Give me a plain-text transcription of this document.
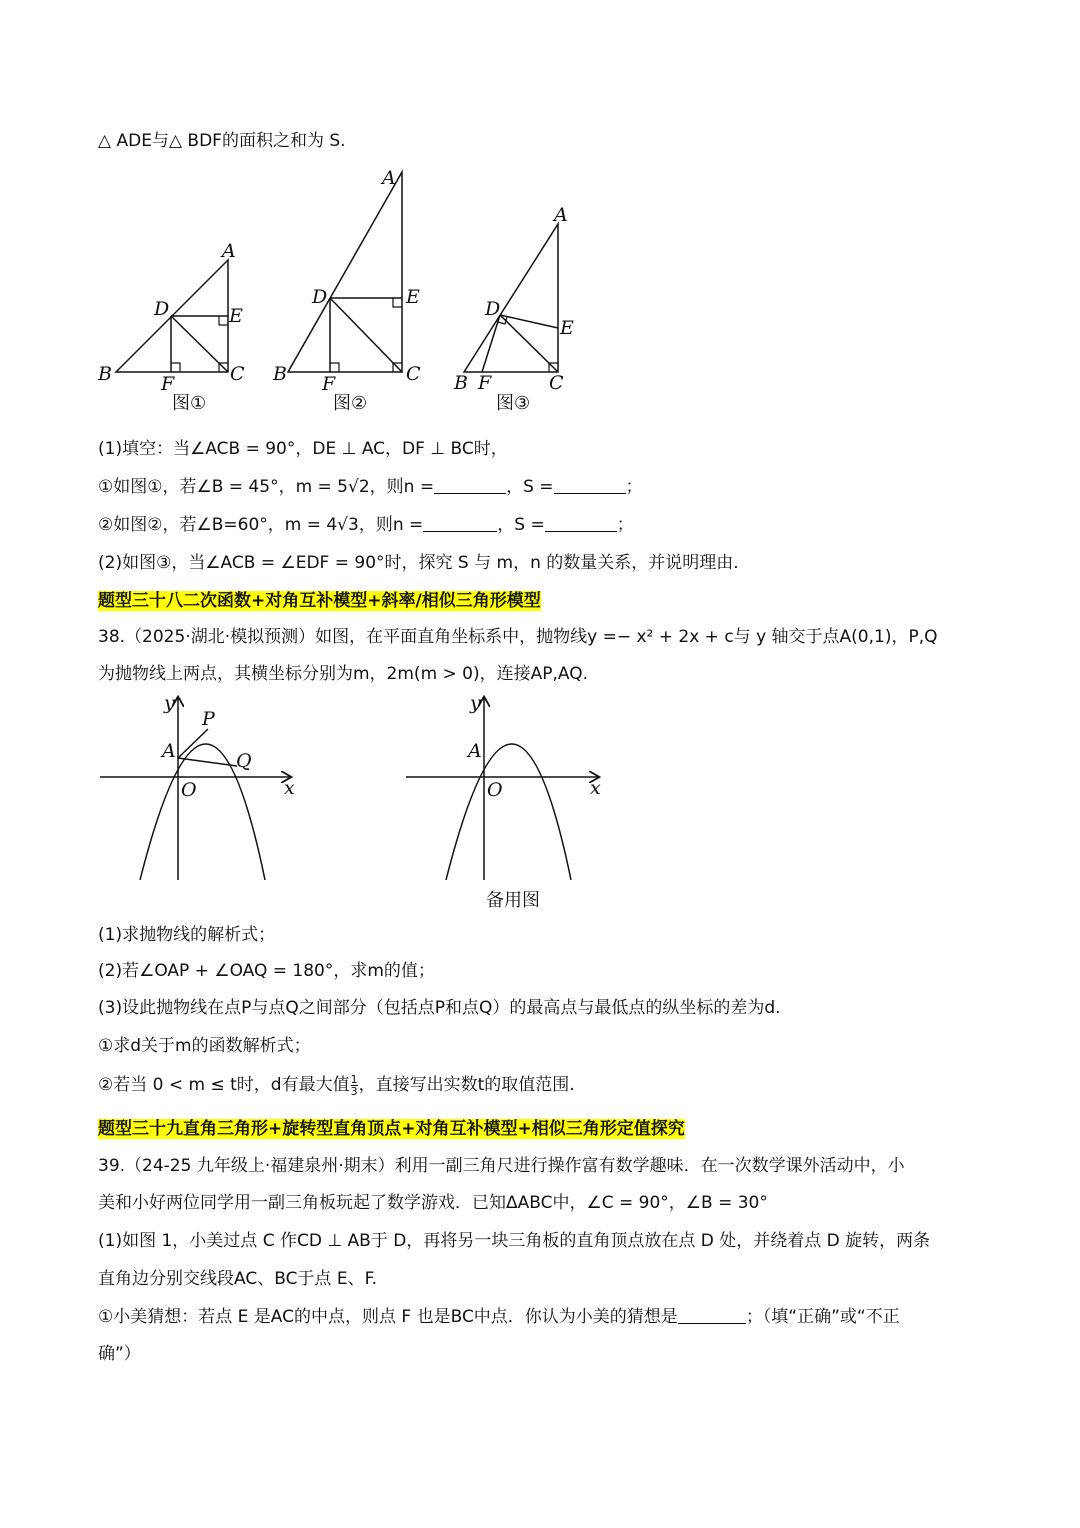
△ ADE与△ BDF的面积之和为 S.
A
D	E
B	C
F
图①
A
D	E
B	C
F
图②
A
D
E
B F	C
图③
(1)填空：当∠ACB = 90°，DE ⊥ AC，DF ⊥ BC时，
①如图①，若∠B = 45°，m = 5√2，则n =	，S =	；
②如图②，若∠B=60°，m = 4√3，则n =	，S =	；
(2)如图③，当∠ACB = ∠EDF = 90°时，探究 S 与 m，n 的数量关系，并说明理由.
题型三十八二次函数+对角互补模型+斜率/相似三角形模型
38.（2025·湖北·模拟预测）如图，在平面直角坐标系中，抛物线y =− x² + 2x + c与 y 轴交于点A(0,1)，P,Q
为抛物线上两点，其横坐标分别为m，2m(m > 0)，连接AP,AQ.
y
x
O
A
P
Q
y
x
O
A
备用图
(1)求抛物线的解析式；
(2)若∠OAP + ∠OAQ = 180°，求m的值；
(3)设此抛物线在点P与点Q之间部分（包括点P和点Q）的最高点与最低点的纵坐标的差为d.
①求d关于m的函数解析式；
②若当 0 < m ≤ t时，d有最大值 $\frac{1}{3}$ ，直接写出实数t的取值范围.
题型三十九直角三角形+旋转型直角顶点+对角互补模型+相似三角形定值探究
39.（24-25 九年级上·福建泉州·期末）利用一副三角尺进行操作富有数学趣味．在一次数学课外活动中，小
美和小好两位同学用一副三角板玩起了数学游戏．已知ΔABC中，∠C = 90°，∠B = 30°
(1)如图 1，小美过点 C 作CD ⊥ AB于 D，再将另一块三角板的直角顶点放在点 D 处，并绕着点 D 旋转，两条
直角边分别交线段AC、BC于点 E、F.
①小美猜想：若点 E 是AC的中点，则点 F 也是BC中点．你认为小美的猜想是	；（填“正确”或“不正
确”）
